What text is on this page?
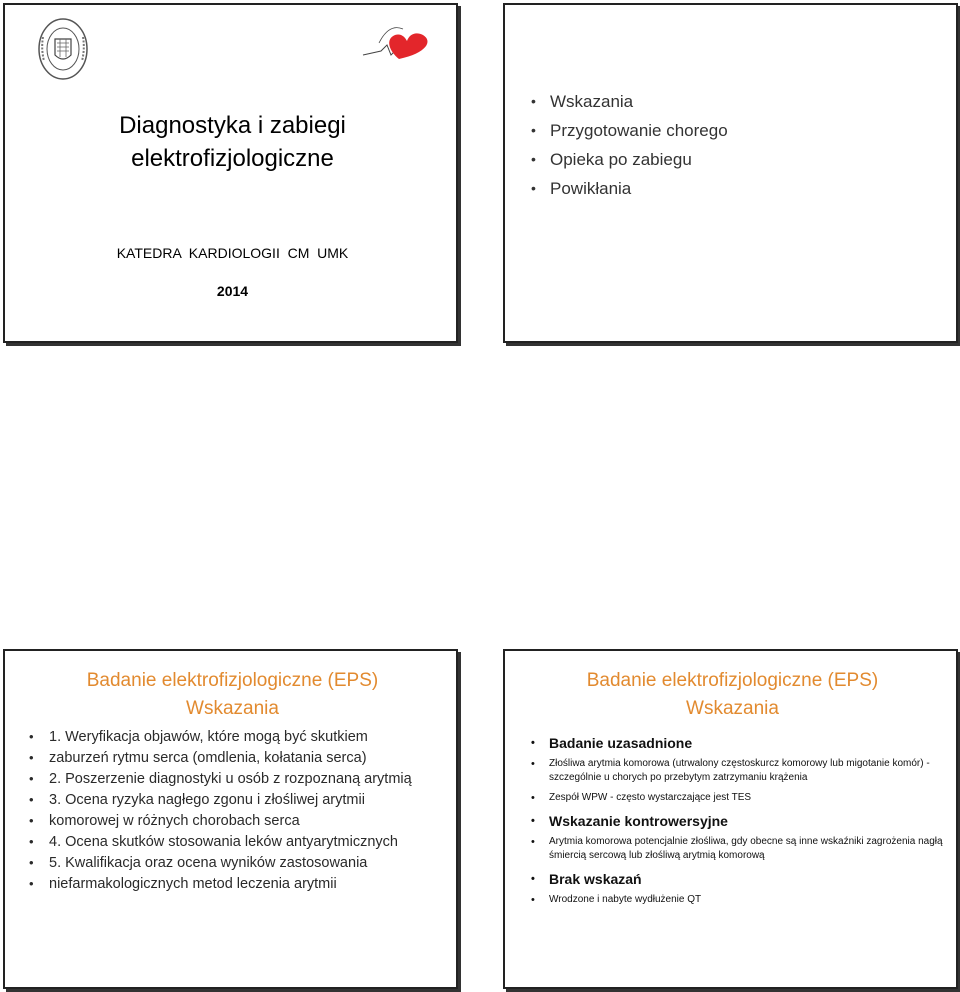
Diagnostyka i zabiegi
elektrofizjologiczne
KATEDRA  KARDIOLOGII  CM  UMK
2014
• Wskazania
• Przygotowanie chorego
• Opieka po zabiegu
• Powikłania
Badanie elektrofizjologiczne (EPS)
Wskazania
• 1. Weryfikacja objawów, które mogą być skutkiem
• zaburzeń rytmu serca (omdlenia, kołatania serca)
• 2. Poszerzenie diagnostyki u osób z rozpoznaną arytmią
• 3. Ocena ryzyka nagłego zgonu i złośliwej arytmii
• komorowej w różnych chorobach serca
• 4. Ocena skutków stosowania leków antyarytmicznych
• 5. Kwalifikacja oraz ocena wyników zastosowania
• niefarmakologicznych metod leczenia arytmii
Badanie elektrofizjologiczne (EPS)
Wskazania
• Badanie uzasadnione
• Złośliwa arytmia komorowa (utrwalony częstoskurcz komorowy lub migotanie komór) - szczególnie u chorych po przebytym zatrzymaniu krążenia
• Zespół WPW - często wystarczające jest TES
• Wskazanie kontrowersyjne
• Arytmia komorowa potencjalnie złośliwa, gdy obecne są inne wskaźniki zagrożenia nagłą śmiercią sercową lub złośliwą arytmią komorową
• Brak wskazań
• Wrodzone i nabyte wydłużenie QT
